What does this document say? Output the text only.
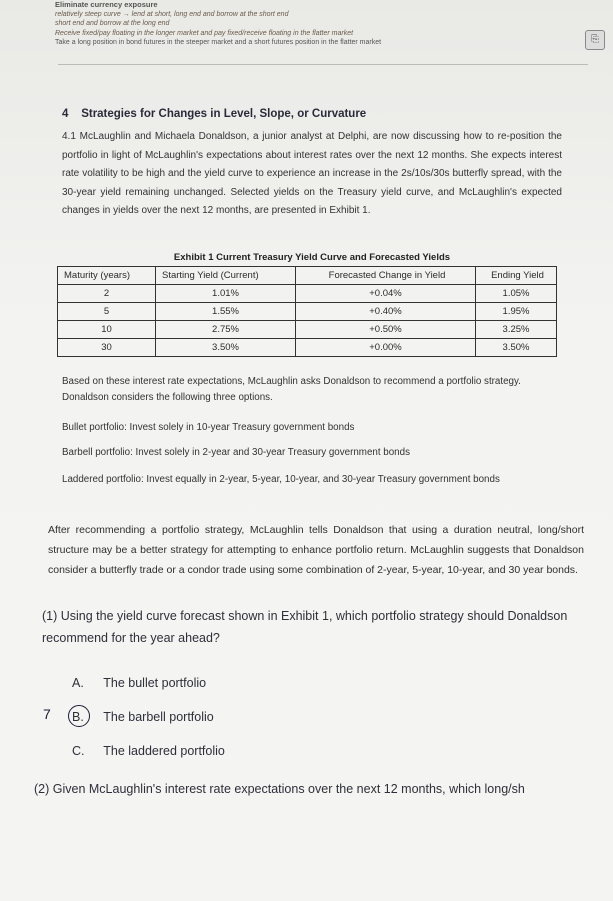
Eliminate currency exposure
relatively steep curve → lend at short, long end and borrow at the short end
short end and borrow at the long end
Receive fixed/pay floating in the longer market and pay fixed/receive floating in the flatter market
Take a long position in bond futures in the steeper market and a short futures position in the flatter market	⎘
4 Strategies for Changes in Level, Slope, or Curvature
4.1 McLaughlin and Michaela Donaldson, a junior analyst at Delphi, are now discussing how to re-position the portfolio in light of McLaughlin's expectations about interest rates over the next 12 months. She expects interest rate volatility to be high and the yield curve to experience an increase in the 2s/10s/30s butterfly spread, with the 30-year yield remaining unchanged. Selected yields on the Treasury yield curve, and McLaughlin's expected changes in yields over the next 12 months, are presented in Exhibit 1.
Exhibit 1 Current Treasury Yield Curve and Forecasted Yields
Maturity (years)	Starting Yield (Current)	Forecasted Change in Yield	Ending Yield
2	1.01%	+0.04%	1.05%
5	1.55%	+0.40%	1.95%
10	2.75%	+0.50%	3.25%
30	3.50%	+0.00%	3.50%
Based on these interest rate expectations, McLaughlin asks Donaldson to recommend a portfolio strategy. Donaldson considers the following three options.
Bullet portfolio: Invest solely in 10-year Treasury government bonds
Barbell portfolio: Invest solely in 2-year and 30-year Treasury government bonds
Laddered portfolio: Invest equally in 2-year, 5-year, 10-year, and 30-year Treasury government bonds
After recommending a portfolio strategy, McLaughlin tells Donaldson that using a duration neutral, long/short structure may be a better strategy for attempting to enhance portfolio return. McLaughlin suggests that Donaldson consider a butterfly trade or a condor trade using some combination of 2-year, 5-year, 10-year, and 30 year bonds.
(1) Using the yield curve forecast shown in Exhibit 1, which portfolio strategy should Donaldson recommend for the year ahead?
A. The bullet portfolio
7 B. The barbell portfolio
C. The laddered portfolio
(2) Given McLaughlin's interest rate expectations over the next 12 months, which long/sh
